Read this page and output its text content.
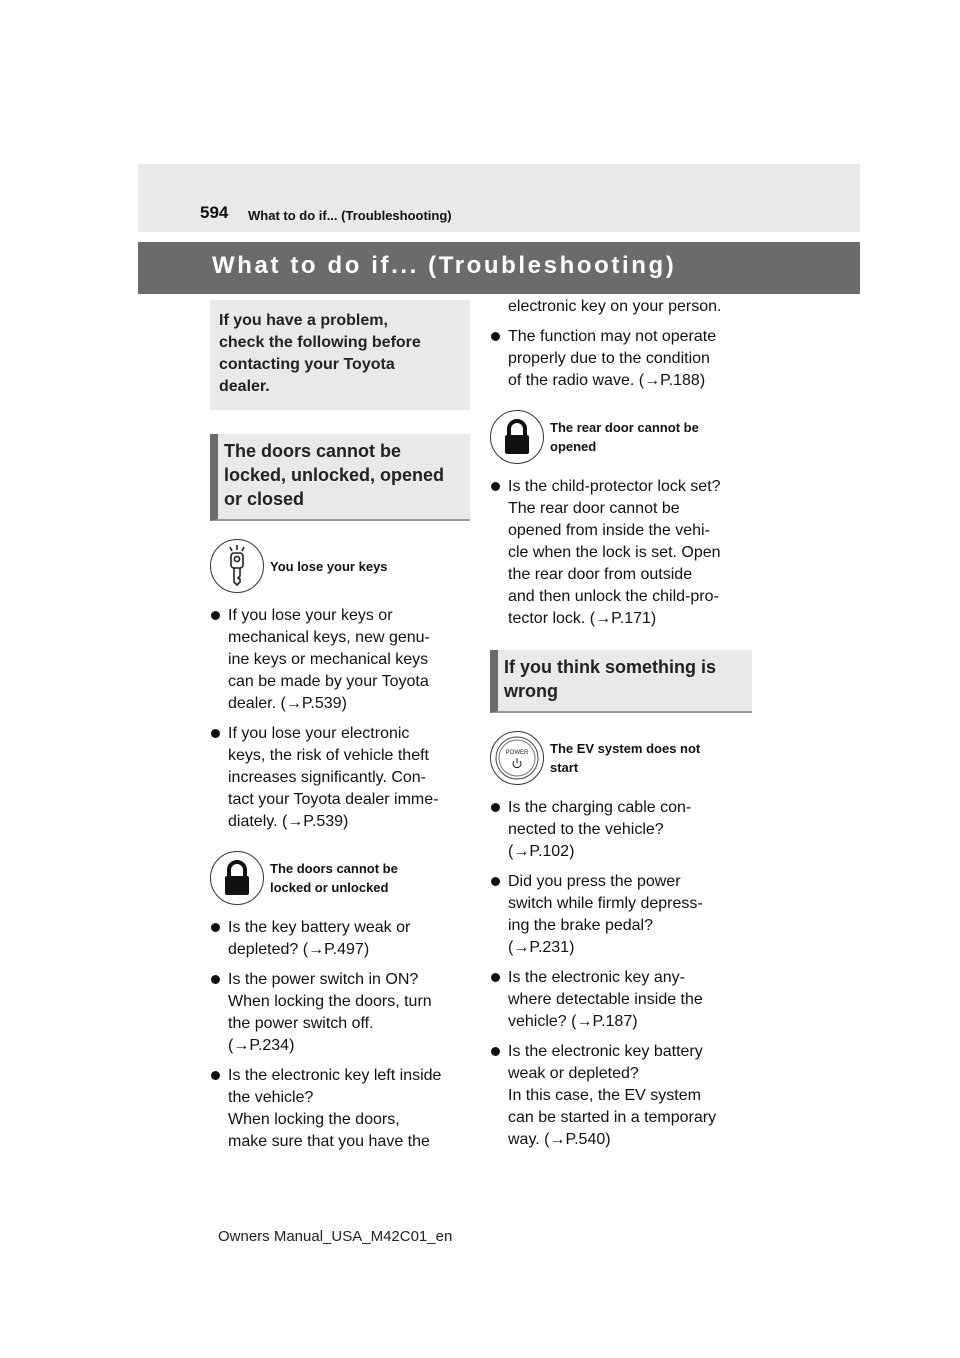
594 What to do if... (Troubleshooting)
What to do if... (Troubleshooting)
If you have a problem,
check the following before
contacting your Toyota
dealer.
The doors cannot be
locked, unlocked, opened
or closed
You lose your keys
If you lose your keys or
mechanical keys, new genu-
ine keys or mechanical keys
can be made by your Toyota
dealer. (→P.539)
If you lose your electronic
keys, the risk of vehicle theft
increases significantly. Con-
tact your Toyota dealer imme-
diately. (→P.539)
The doors cannot be
locked or unlocked
Is the key battery weak or
depleted? (→P.497)
Is the power switch in ON?
When locking the doors, turn
the power switch off.
(→P.234)
Is the electronic key left inside
the vehicle?
When locking the doors,
make sure that you have the
electronic key on your person.
The function may not operate
properly due to the condition
of the radio wave. (→P.188)
The rear door cannot be
opened
Is the child-protector lock set?
The rear door cannot be
opened from inside the vehi-
cle when the lock is set. Open
the rear door from outside
and then unlock the child-pro-
tector lock. (→P.171)
If you think something is
wrong
POWER The EV system does not
start
Is the charging cable con-
nected to the vehicle?
(→P.102)
Did you press the power
switch while firmly depress-
ing the brake pedal?
(→P.231)
Is the electronic key any-
where detectable inside the
vehicle? (→P.187)
Is the electronic key battery
weak or depleted?
In this case, the EV system
can be started in a temporary
way. (→P.540)
Owners Manual_USA_M42C01_en
